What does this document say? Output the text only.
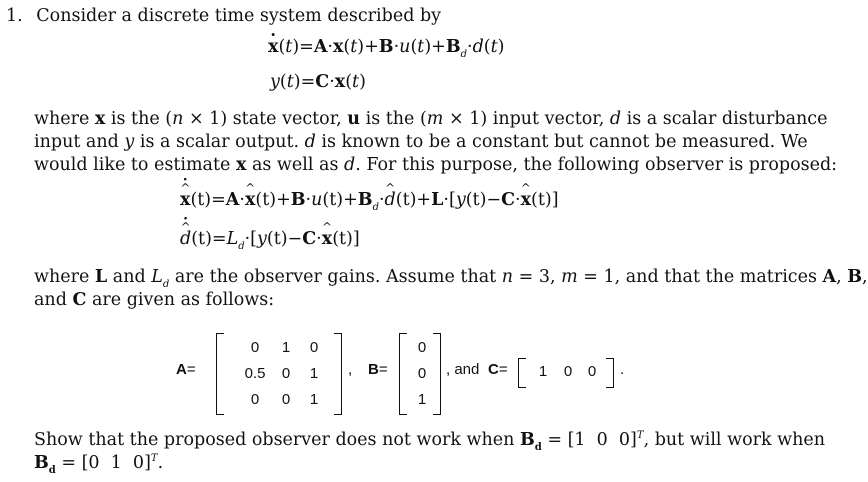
1. Consider a discrete time system described by
$x \cdot(t)=A\cdot x(t)+B\cdot u(t)+B_d\cdot d(t)$
y(t)=C·x(t)
where x is the (n × 1) state vector, u is the (m × 1) input vector, d is a scalar disturbance
input and y is a scalar output. d is known to be a constant but cannot be measured. We
would like to estimate x as well as d. For this purpose, the following observer is proposed:
^ x ·(t)=A·^ $x(t)+B\cdot u(t)+B_d\cdot\^{}$ d(t)+L·[y(t)−C·^ x(t)]
^ $d \cdot(t)=L_d\cdot[y(t)-C\cdot\^{}$ x(t)]
where L and $L_d$ are the observer gains. Assume that n = 3, m = 1, and that the matrices A, B,
and C are given as follows:
A=
0	1	0
0.5	0	1
0	0	1
, B=
0
0
1
, and C=	1	0	0	.
Show that the proposed observer does not work when $B_d = [1$  0  0]$^T$, but will work when
$B_d = [0$  1  0]$^T$.
